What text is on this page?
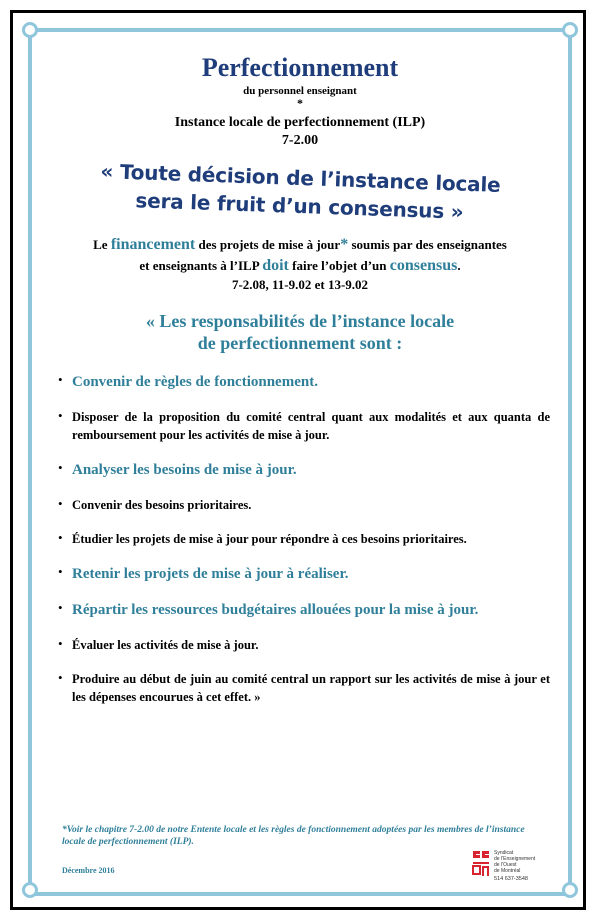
Perfectionnement
du personnel enseignant
*
Instance locale de perfectionnement (ILP)
7-2.00
« Toute décision de l’instance locale
sera le fruit d’un consensus »
Le financement des projets de mise à jour* soumis par des enseignantes
et enseignants à l’ILP doit faire l’objet d’un consensus.
7-2.08, 11-9.02 et 13-9.02
« Les responsabilités de l’instance locale
de perfectionnement sont :
• Convenir de règles de fonctionnement.
• Disposer de la proposition du comité central quant aux modalités et aux quanta de remboursement pour les activités de mise à jour.
• Analyser les besoins de mise à jour.
• Convenir des besoins prioritaires.
• Étudier les projets de mise à jour pour répondre à ces besoins prioritaires.
• Retenir les projets de mise à jour à réaliser.
• Répartir les ressources budgétaires allouées pour la mise à jour.
• Évaluer les activités de mise à jour.
• Produire au début de juin au comité central un rapport sur les activités de mise à jour et les dépenses encourues à cet effet. »
*Voir le chapitre 7-2.00 de notre Entente locale et les règles de fonctionnement adoptées par les membres de l’instance locale de perfectionnement (ILP).
Décembre 2016
Syndicat
de l’Enseignement
de l’Ouest
de Montréal
514 637-3548
